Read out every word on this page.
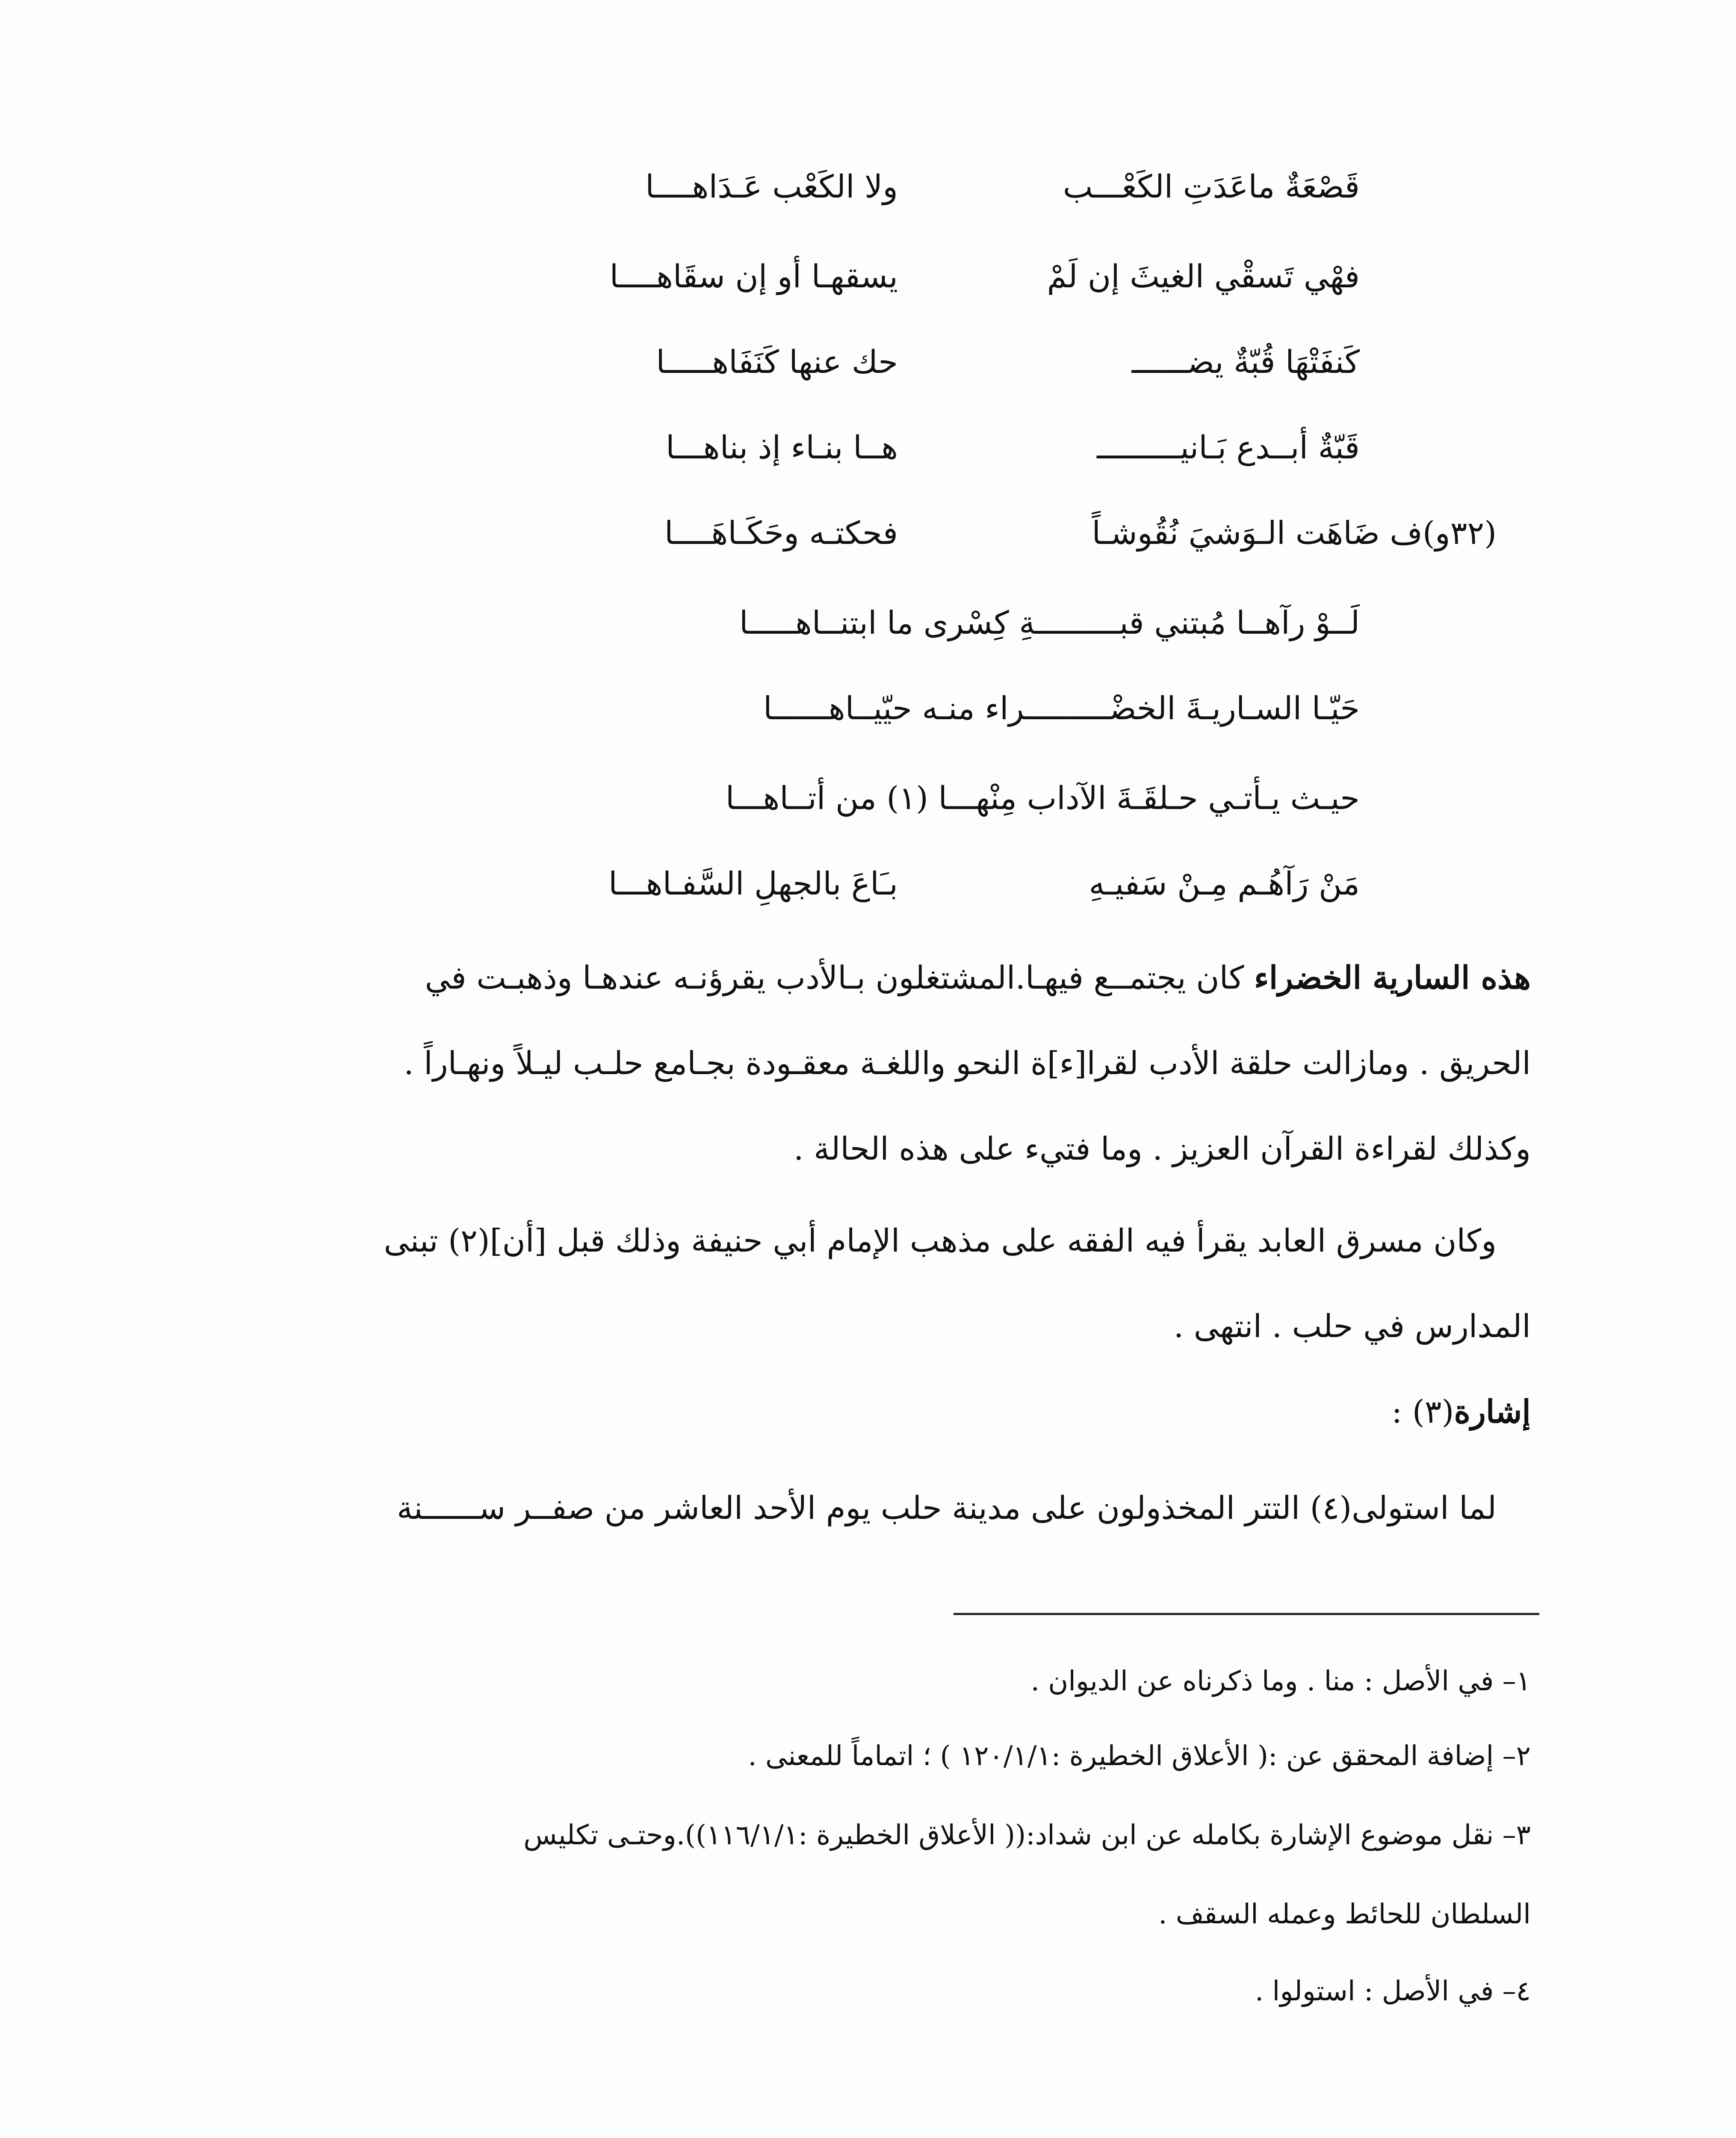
قَصْعَةٌ ماعَدَتِ الكَعْـــب
ولا الكَعْب عَـدَاهــــا
فهْي تَسقْي الغيثَ إن لَمْ
يسقهـا أو إن سقَاهــــا
كَنفَتْهَا قُبّةٌ يضــــــ
حك عنها كَنَفَاهـــــا
قَبّةٌ أبــدع بَـانيـــــــــ
هــا بنـاء إذ بناهـــا
(٣٢و)ف ضَاهَت الـوَشيَ نُقُوشـاً
فحكتـه وحَكَـاهَــــا
لَــوْ رآهــا مُبتني قبـــــــــةِ كِسْرى ما ابتنــاهـــــا
حَيّـا السـاريـةَ الخضْـــــــــراء منـه حيّيــاهــــــا
حيـث يـأتـي حـلقَـةَ الآداب مِنْهـــا (١) من أتــاهـــا
مَنْ رَآهُـم مِـنْ سَفيـهِ
بـَاعَ بالجهلِ السَّفـاهـــا
هذه السارية الخضراء كان يجتمــع فيهـا.المشتغلون بـالأدب يقرؤنـه عندهـا وذهبـت في
الحريق . ومازالت حلقة الأدب لقرا[ء]ة النحو واللغـة معقـودة بجـامع حلـب ليـلاً ونهـاراً .
وكذلك لقراءة القرآن العزيز . وما فتيء على هذه الحالة .
وكان مسرق العابد يقرأ فيه الفقه على مذهب الإمام أبي حنيفة وذلك قبل [أن](٢) تبنى
المدارس في حلب . انتهى .
إشارة(٣) :
لما استولى(٤) التتر المخذولون على مدينة حلب يوم الأحد العاشر من صفــر ســــــنة
١– في الأصل : منا . وما ذكرناه عن الديوان .
٢– إضافة المحقق عن :( الأعلاق الخطيرة :١٢٠/١/١ ) ؛ اتماماً للمعنى .
٣– نقل موضوع الإشارة بكامله عن ابن شداد:(( الأعلاق الخطيرة :١١٦/١/١)).وحتـى تكليس
السلطان للحائط وعمله السقف .
٤– في الأصل : استولوا .
